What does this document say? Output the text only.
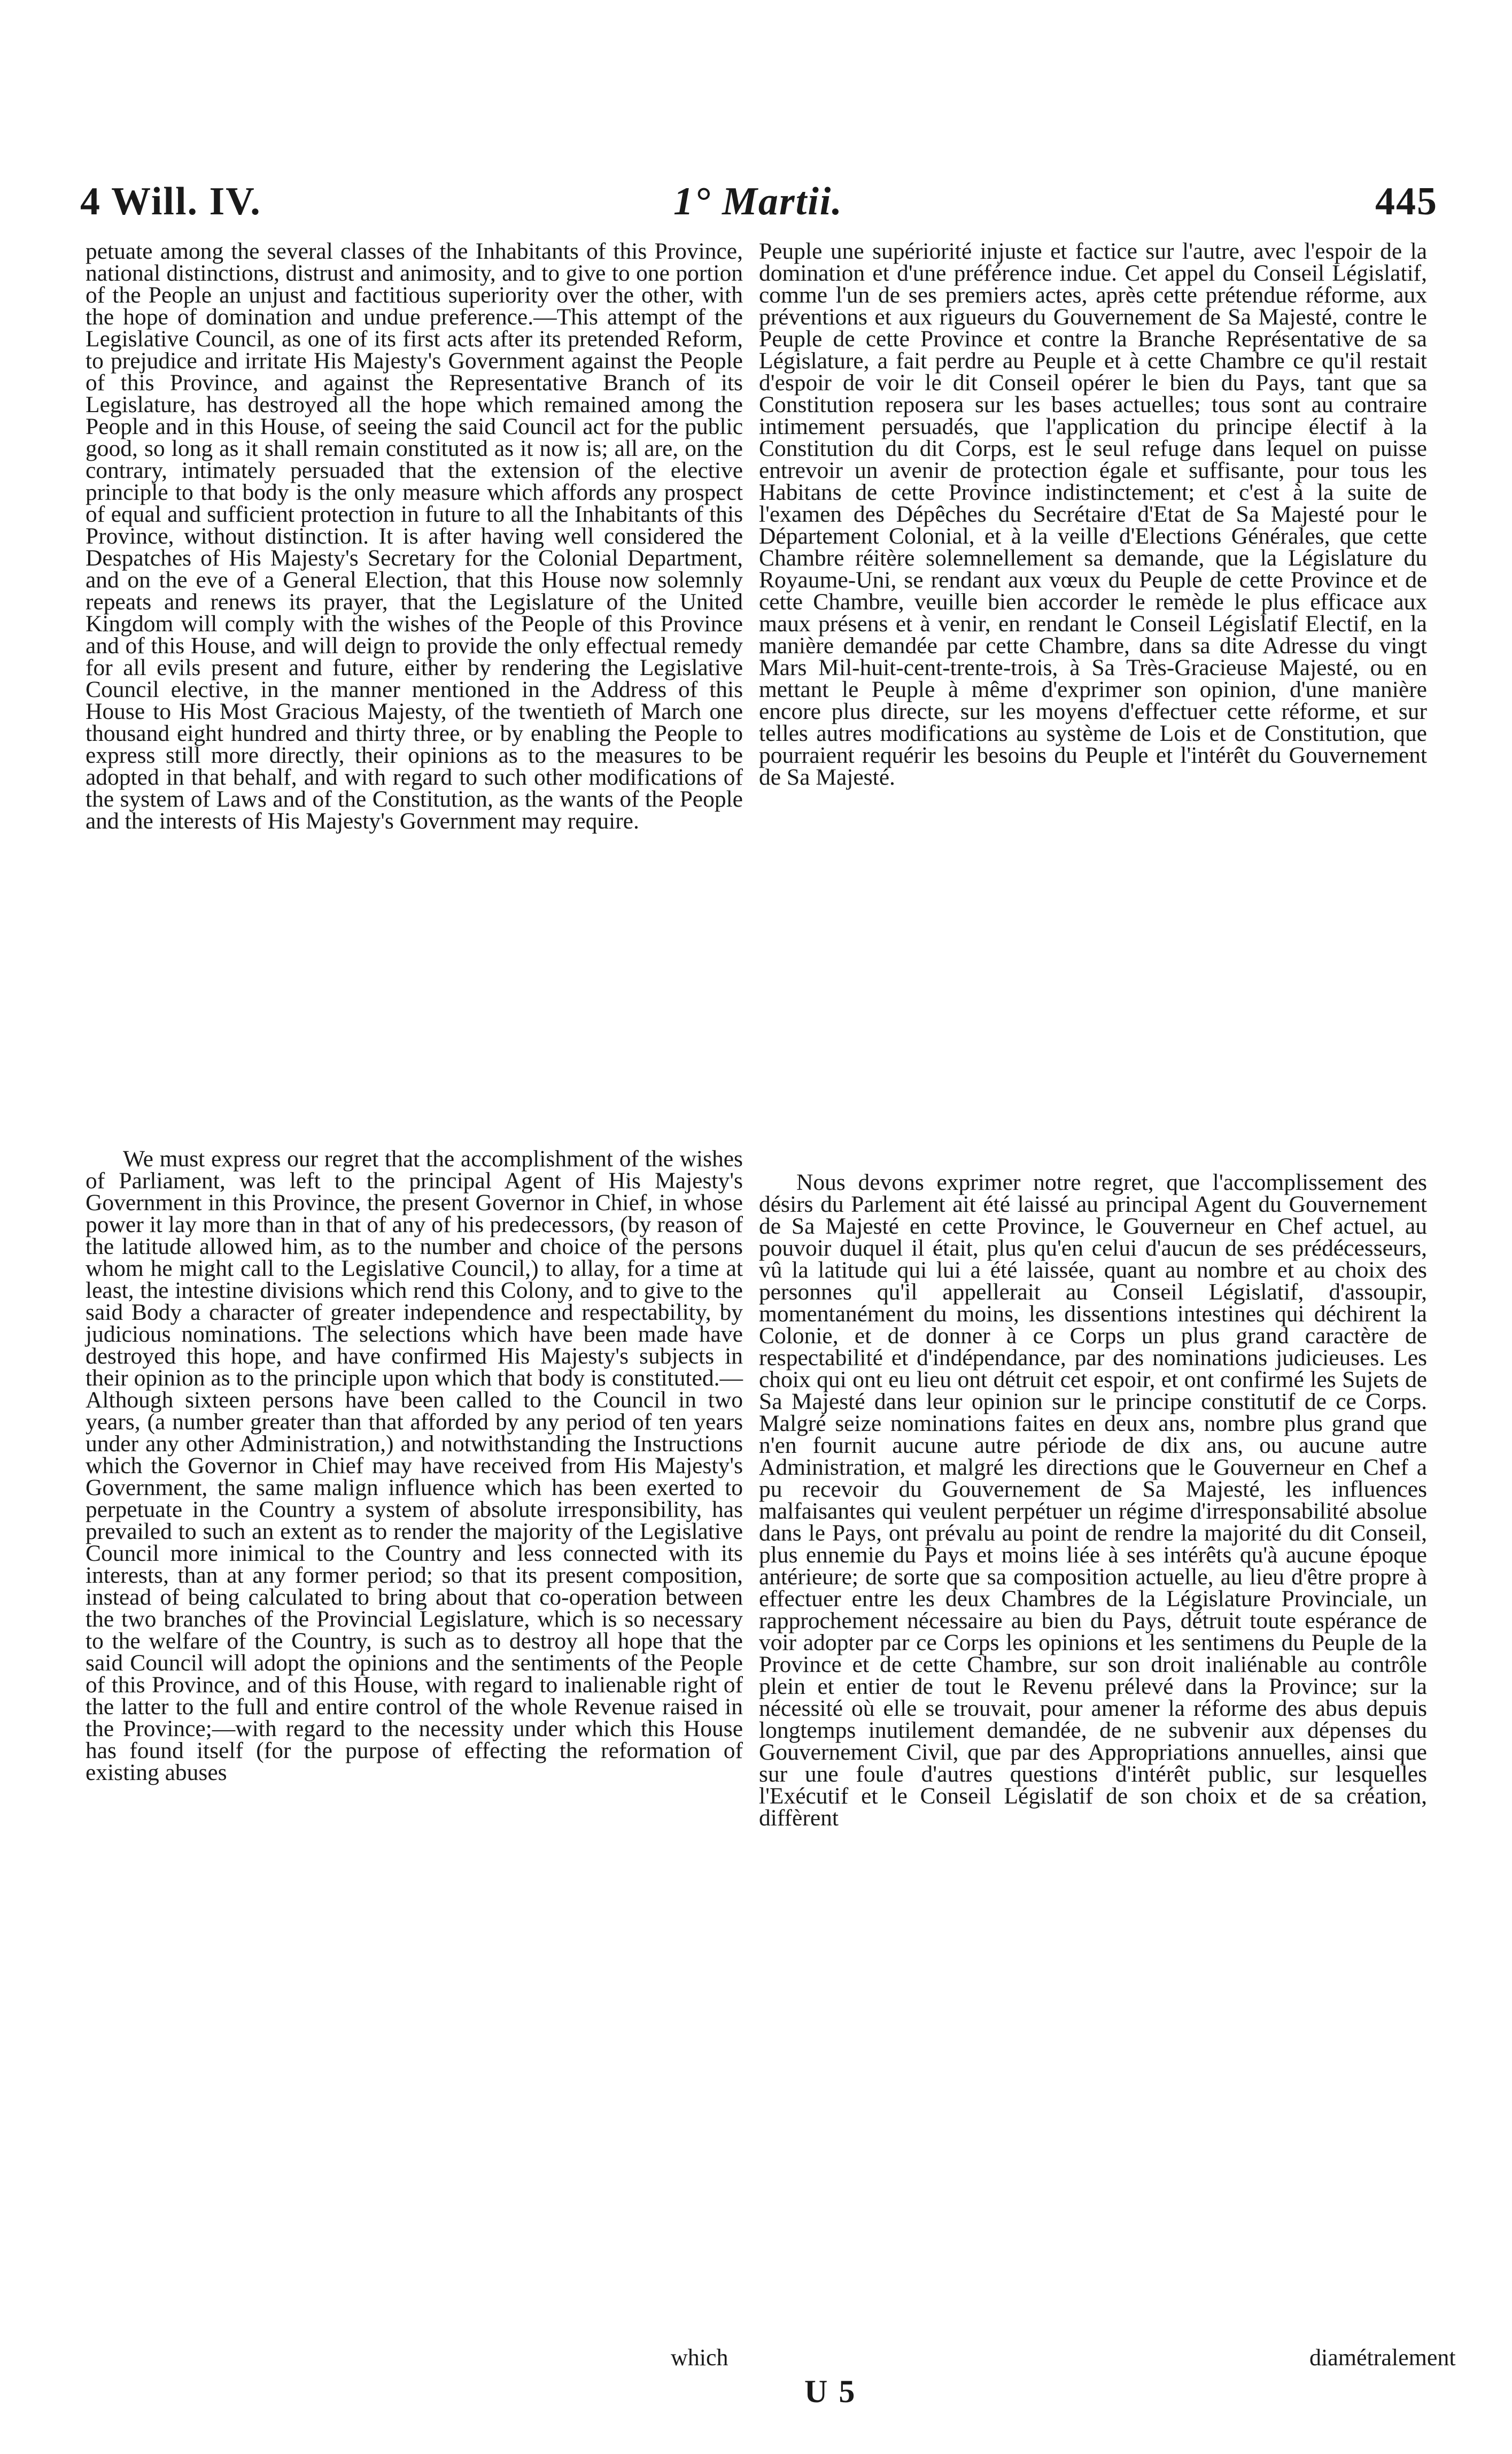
4 Will. IV.	1° Martii.	445

petuate among the several classes of the Inhabitants of this Province, national distinctions, distrust and animosity, and to give to one portion of the People an unjust and factitious superiority over the other, with the hope of domination and undue preference.—This attempt of the Legislative Council, as one of its first acts after its pretended Reform, to prejudice and irritate His Majesty's Government against the People of this Province, and against the Representative Branch of its Legislature, has destroyed all the hope which remained among the People and in this House, of seeing the said Council act for the public good, so long as it shall remain constituted as it now is; all are, on the contrary, intimately persuaded that the extension of the elective principle to that body is the only measure which affords any prospect of equal and sufficient protection in future to all the Inhabitants of this Province, without distinction. It is after having well considered the Despatches of His Majesty's Secretary for the Colonial Department, and on the eve of a General Election, that this House now solemnly repeats and renews its prayer, that the Legislature of the United Kingdom will comply with the wishes of the People of this Province and of this House, and will deign to provide the only effectual remedy for all evils present and future, either by rendering the Legislative Council elective, in the manner mentioned in the Address of this House to His Most Gracious Majesty, of the twentieth of March one thousand eight hundred and thirty three, or by enabling the People to express still more directly, their opinions as to the measures to be adopted in that behalf, and with regard to such other modifications of the system of Laws and of the Constitution, as the wants of the People and the interests of His Majesty's Government may require.

Peuple une supériorité injuste et factice sur l'autre, avec l'espoir de la domination et d'une préférence indue. Cet appel du Conseil Législatif, comme l'un de ses premiers actes, après cette prétendue réforme, aux préventions et aux rigueurs du Gouvernement de Sa Majesté, contre le Peuple de cette Province et contre la Branche Représentative de sa Législature, a fait perdre au Peuple et à cette Chambre ce qu'il restait d'espoir de voir le dit Conseil opérer le bien du Pays, tant que sa Constitution reposera sur les bases actuelles; tous sont au contraire intimement persuadés, que l'application du principe électif à la Constitution du dit Corps, est le seul refuge dans lequel on puisse entrevoir un avenir de protection égale et suffisante, pour tous les Habitans de cette Province indistinctement; et c'est à la suite de l'examen des Dépêches du Secrétaire d'Etat de Sa Majesté pour le Département Colonial, et à la veille d'Elections Générales, que cette Chambre réitère solemnellement sa demande, que la Législature du Royaume-Uni, se rendant aux vœux du Peuple de cette Province et de cette Chambre, veuille bien accorder le remède le plus efficace aux maux présens et à venir, en rendant le Conseil Législatif Electif, en la manière demandée par cette Chambre, dans sa dite Adresse du vingt Mars Mil-huit-cent-trente-trois, à Sa Très-Gracieuse Majesté, ou en mettant le Peuple à même d'exprimer son opinion, d'une manière encore plus directe, sur les moyens d'effectuer cette réforme, et sur telles autres modifications au système de Lois et de Constitution, que pourraient requérir les besoins du Peuple et l'intérêt du Gouvernement de Sa Majesté.

We must express our regret that the accomplishment of the wishes of Parliament, was left to the principal Agent of His Majesty's Government in this Province, the present Governor in Chief, in whose power it lay more than in that of any of his predecessors, (by reason of the latitude allowed him, as to the number and choice of the persons whom he might call to the Legislative Council,) to allay, for a time at least, the intestine divisions which rend this Colony, and to give to the said Body a character of greater independence and respectability, by judicious nominations. The selections which have been made have destroyed this hope, and have confirmed His Majesty's subjects in their opinion as to the principle upon which that body is constituted.—Although sixteen persons have been called to the Council in two years, (a number greater than that afforded by any period of ten years under any other Administration,) and notwithstanding the Instructions which the Governor in Chief may have received from His Majesty's Government, the same malign influence which has been exerted to perpetuate in the Country a system of absolute irresponsibility, has prevailed to such an extent as to render the majority of the Legislative Council more inimical to the Country and less connected with its interests, than at any former period; so that its present composition, instead of being calculated to bring about that co-operation between the two branches of the Provincial Legislature, which is so necessary to the welfare of the Country, is such as to destroy all hope that the said Council will adopt the opinions and the sentiments of the People of this Province, and of this House, with regard to inalienable right of the latter to the full and entire control of the whole Revenue raised in the Province;—with regard to the necessity under which this House has found itself (for the purpose of effecting the reformation of existing abuses

Nous devons exprimer notre regret, que l'accomplissement des désirs du Parlement ait été laissé au principal Agent du Gouvernement de Sa Majesté en cette Province, le Gouverneur en Chef actuel, au pouvoir duquel il était, plus qu'en celui d'aucun de ses prédécesseurs, vû la latitude qui lui a été laissée, quant au nombre et au choix des personnes qu'il appellerait au Conseil Législatif, d'assoupir, momentanément du moins, les dissentions intestines qui déchirent la Colonie, et de donner à ce Corps un plus grand caractère de respectabilité et d'indépendance, par des nominations judicieuses. Les choix qui ont eu lieu ont détruit cet espoir, et ont confirmé les Sujets de Sa Majesté dans leur opinion sur le principe constitutif de ce Corps. Malgré seize nominations faites en deux ans, nombre plus grand que n'en fournit aucune autre période de dix ans, ou aucune autre Administration, et malgré les directions que le Gouverneur en Chef a pu recevoir du Gouvernement de Sa Majesté, les influences malfaisantes qui veulent perpétuer un régime d'irresponsabilité absolue dans le Pays, ont prévalu au point de rendre la majorité du dit Conseil, plus ennemie du Pays et moins liée à ses intérêts qu'à aucune époque antérieure; de sorte que sa composition actuelle, au lieu d'être propre à effectuer entre les deux Chambres de la Législature Provinciale, un rapprochement nécessaire au bien du Pays, détruit toute espérance de voir adopter par ce Corps les opinions et les sentimens du Peuple de la Province et de cette Chambre, sur son droit inaliénable au contrôle plein et entier de tout le Revenu prélevé dans la Province; sur la nécessité où elle se trouvait, pour amener la réforme des abus depuis longtemps inutilement demandée, de ne subvenir aux dépenses du Gouvernement Civil, que par des Appropriations annuelles, ainsi que sur une foule d'autres questions d'intérêt public, sur lesquelles l'Exécutif et le Conseil Législatif de son choix et de sa création, diffèrent

which	diamétralement
U 5
